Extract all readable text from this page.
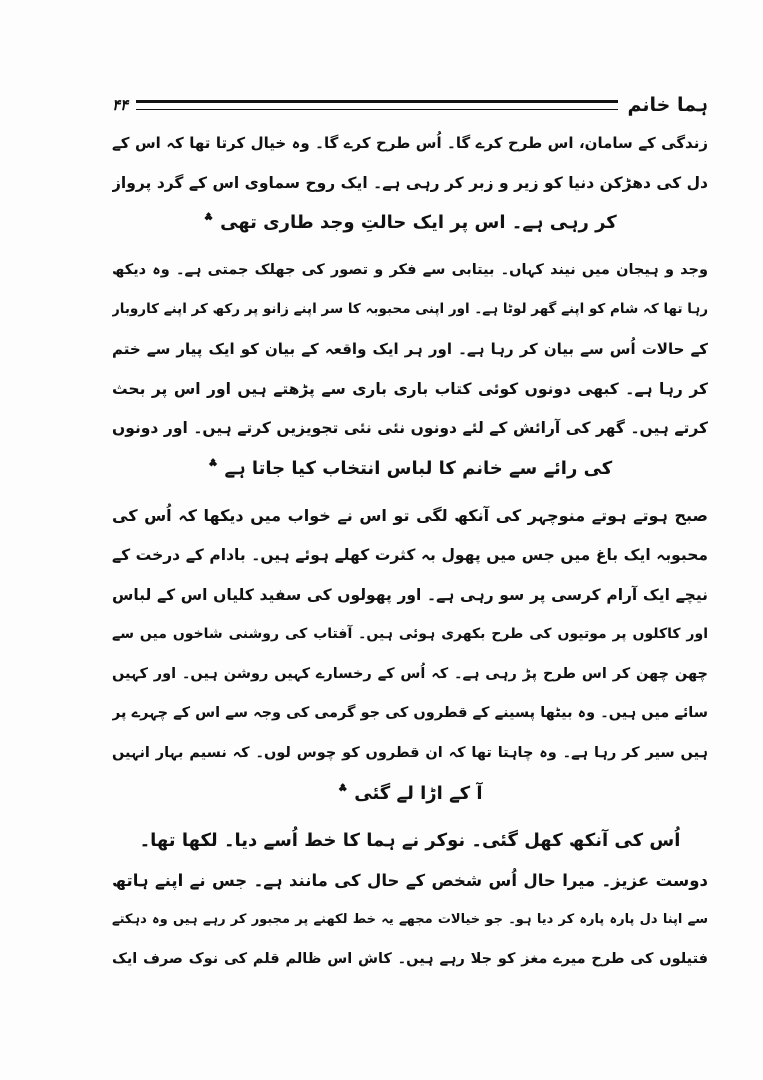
ہما خانم
۴۴
زندگی کے سامان، اس طرح کرے گا۔ اُس طرح کرے گا۔ وہ خیال کرتا تھا کہ اس کے
دل کی دھڑکن دنیا کو زیر و زبر کر رہی ہے۔ ایک روح سماوی اس کے گرد پرواز
کر رہی ہے۔ اس پر ایک حالتِ وجد طاری تھی ؞
وجد و ہیجان میں نیند کہاں۔ بیتابی سے فکر و تصور کی جھلک جمتی ہے۔ وہ دیکھ
رہا تھا کہ شام کو اپنے گھر لوٹا ہے۔ اور اپنی محبوبہ کا سر اپنے زانو پر رکھ کر اپنے کاروبار
کے حالات اُس سے بیان کر رہا ہے۔ اور ہر ایک واقعہ کے بیان کو ایک پیار سے ختم
کر رہا ہے۔ کبھی دونوں کوئی کتاب باری باری سے پڑھتے ہیں اور اس پر بحث
کرتے ہیں۔ گھر کی آرائش کے لئے دونوں نئی نئی تجویزیں کرتے ہیں۔ اور دونوں
کی رائے سے خانم کا لباس انتخاب کیا جاتا ہے ؞
صبح ہوتے ہوتے منوچہر کی آنکھ لگی تو اس نے خواب میں دیکھا کہ اُس کی
محبوبہ ایک باغ میں جس میں پھول بہ کثرت کھلے ہوئے ہیں۔ بادام کے درخت کے
نیچے ایک آرام کرسی پر سو رہی ہے۔ اور پھولوں کی سفید کلیاں اس کے لباس
اور کاکلوں پر موتیوں کی طرح بکھری ہوئی ہیں۔ آفتاب کی روشنی شاخوں میں سے
چھن چھن کر اس طرح پڑ رہی ہے۔ کہ اُس کے رخسارے کہیں روشن ہیں۔ اور کہیں
سائے میں ہیں۔ وہ بیٹھا پسینے کے قطروں کی جو گرمی کی وجہ سے اس کے چہرے پر
ہیں سیر کر رہا ہے۔ وہ چاہتا تھا کہ ان قطروں کو چوس لوں۔ کہ نسیم بہار انہیں
آ کے اڑا لے گئی ؞
اُس کی آنکھ کھل گئی۔ نوکر نے ہما کا خط اُسے دیا۔ لکھا تھا۔
دوست عزیز۔ میرا حال اُس شخص کے حال کی مانند ہے۔ جس نے اپنے ہاتھ
سے اپنا دل پارہ پارہ کر دیا ہو۔ جو خیالات مجھے یہ خط لکھنے پر مجبور کر رہے ہیں وہ دہکتے
فتیلوں کی طرح میرے مغز کو جلا رہے ہیں۔ کاش اس ظالم قلم کی نوک صرف ایک
